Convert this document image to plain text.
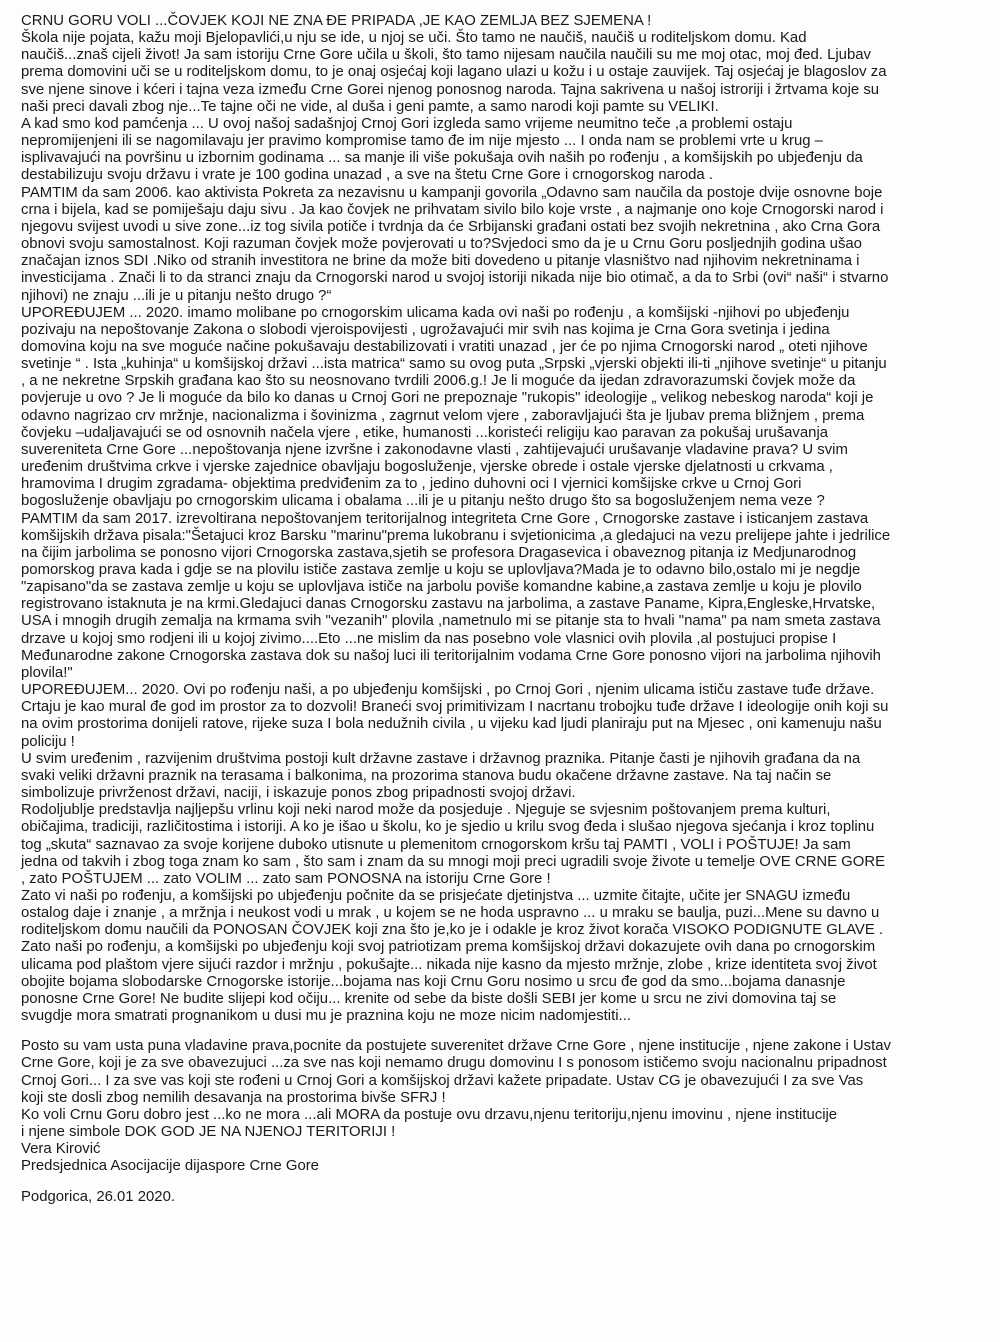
CRNU GORU VOLI ...ČOVJEK KOJI NE ZNA ĐE PRIPADA ,JE KAO ZEMLJA BEZ SJEMENA !

Škola nije pojata, kažu moji Bjelopavlići,u nju se ide, u njoj se uči. Što tamo ne naučiš, naučiš u roditeljskom domu. Kad
naučiš...znaš cijeli život! Ja sam istoriju Crne Gore učila u školi, što tamo nijesam naučila naučili su me moj otac, moj đed. Ljubav
prema domovini uči se u roditeljskom domu, to je onaj osjećaj koji lagano ulazi u kožu i u ostaje zauvijek. Taj osjećaj je blagoslov za
sve njene sinove i kćeri i tajna veza između Crne Gorei njenog ponosnog naroda. Tajna sakrivena u našoj istroriji i žrtvama koje su
naši preci davali zbog nje...Te tajne oči ne vide, al duša i geni pamte, a samo narodi koji pamte su VELIKI.

A kad smo kod pamćenja ... U ovoj našoj sadašnjoj Crnoj Gori izgleda samo vrijeme neumitno teče ,a problemi ostaju
nepromijenjeni ili se nagomilavaju jer pravimo kompromise tamo đe im nije mjesto ... I onda nam se problemi vrte u krug –
isplivavajući na površinu u izbornim godinama ... sa manje ili više pokušaja ovih naših po rođenju , a komšijskih po ubjeđenju da
destabilizuju svoju državu i vrate je 100 godina unazad , a sve na štetu Crne Gore i crnogorskog naroda .

PAMTIM da sam 2006. kao aktivista Pokreta za nezavisnu u kampanji govorila „Odavno sam naučila da postoje dvije osnovne boje
crna i bijela, kad se pomiješaju daju sivu . Ja kao čovjek ne prihvatam sivilo bilo koje vrste , a najmanje ono koje Crnogorski narod i
njegovu svijest uvodi u sive zone...iz tog sivila potiče i tvrdnja da će Srbijanski građani ostati bez svojih nekretnina , ako Crna Gora
obnovi svoju samostalnost. Koji razuman čovjek može povjerovati u to?Svjedoci smo da je u Crnu Goru posljednjih godina ušao
značajan iznos SDI .Niko od stranih investitora ne brine da može biti dovedeno u pitanje vlasništvo nad njihovim nekretninama i
investicijama . Znači li to da stranci znaju da Crnogorski narod u svojoj istoriji nikada nije bio otimač, a da to Srbi (ovi“ naši“ i stvarno
njihovi) ne znaju ...ili je u pitanju nešto drugo ?“

UPOREĐUJEM ... 2020. imamo molibane po crnogorskim ulicama kada ovi naši po rođenju , a komšijski -njihovi po ubjeđenju
pozivaju na nepoštovanje Zakona o slobodi vjeroispovijesti , ugrožavajući mir svih nas kojima je Crna Gora svetinja i jedina
domovina koju na sve moguće načine pokušavaju destabilizovati i vratiti unazad , jer će po njima Crnogorski narod „ oteti njihove
svetinje “ . Ista „kuhinja“ u komšijskoj državi ...ista matrica“ samo su ovog puta „Srpski „vjerski objekti ili-ti „njihove svetinje“ u pitanju
, a ne nekretne Srpskih građana kao što su neosnovano tvrdili 2006.g.! Je li moguće da ijedan zdravorazumski čovjek može da
povjeruje u ovo ? Je li moguće da bilo ko danas u Crnoj Gori ne prepoznaje "rukopis" ideologije „ velikog nebeskog naroda“ koji je
odavno nagrizao crv mržnje, nacionalizma i šovinizma , zagrnut velom vjere , zaboravljajući šta je ljubav prema bližnjem , prema
čovjeku –udaljavajući se od osnovnih načela vjere , etike, humanosti ...koristeći religiju kao paravan za pokušaj urušavanja
suvereniteta Crne Gore ...nepoštovanja njene izvršne i zakonodavne vlasti , zahtijevajući urušavanje vladavine prava? U svim
uređenim društvima crkve i vjerske zajednice obavljaju bogosluženje, vjerske obrede i ostale vjerske djelatnosti u crkvama ,
hramovima I drugim zgradama- objektima predviđenim za to , jedino duhovni oci I vjernici komšijske crkve u Crnoj Gori
bogosluženje obavljaju po crnogorskim ulicama i obalama ...ili je u pitanju nešto drugo što sa bogosluženjem nema veze ?

PAMTIM da sam 2017. izrevoltirana nepoštovanjem teritorijalnog integriteta Crne Gore , Crnogorske zastave i isticanjem zastava
komšijskih država pisala:"Šetajuci kroz Barsku "marinu"prema lukobranu i svjetionicima ,a gledajuci na vezu prelijepe jahte i jedrilice
na čijim jarbolima se ponosno vijori Crnogorska zastava,sjetih se profesora Dragasevica i obaveznog pitanja iz Medjunarodnog
pomorskog prava kada i gdje se na plovilu ističe zastava zemlje u koju se uplovljava?Mada je to odavno bilo,ostalo mi je negdje
"zapisano"da se zastava zemlje u koju se uplovljava ističe na jarbolu poviše komandne kabine,a zastava zemlje u koju je plovilo
registrovano istaknuta je na krmi.Gledajuci danas Crnogorsku zastavu na jarbolima, a zastave Paname, Kipra,Engleske,Hrvatske,
USA i mnogih drugih zemalja na krmama svih "vezanih" plovila ,nametnulo mi se pitanje sta to hvali "nama" pa nam smeta zastava
drzave u kojoj smo rodjeni ili u kojoj zivimo....Eto ...ne mislim da nas posebno vole vlasnici ovih plovila ,al postujuci propise I
Međunarodne zakone Crnogorska zastava dok su našoj luci ili teritorijalnim vodama Crne Gore ponosno vijori na jarbolima njihovih
plovila!"

UPOREĐUJEM... 2020. Ovi po rođenju naši, a po ubjeđenju komšijski , po Crnoj Gori , njenim ulicama ističu zastave tuđe države.
Crtaju je kao mural đe god im prostor za to dozvoli! Braneći svoj primitivizam I nacrtanu trobojku tuđe države I ideologije onih koji su
na ovim prostorima donijeli ratove, rijeke suza I bola nedužnih civila , u vijeku kad ljudi planiraju put na Mjesec , oni kamenuju našu
policiju !

U svim uređenim , razvijenim društvima postoji kult državne zastave i državnog praznika. Pitanje časti je njihovih građana da na
svaki veliki državni praznik na terasama i balkonima, na prozorima stanova budu okačene državne zastave. Na taj način se
simbolizuje privrženost državi, naciji, i iskazuje ponos zbog pripadnosti svojoj državi.

Rodoljublje predstavlja najljepšu vrlinu koji neki narod može da posjeduje . Njeguje se svjesnim poštovanjem prema kulturi,
običajima, tradiciji, različitostima i istoriji. A ko je išao u školu, ko je sjedio u krilu svog đeda i slušao njegova sjećanja i kroz toplinu
tog „skuta“ saznavao za svoje korijene duboko utisnute u plemenitom crnogorskom kršu taj PAMTI , VOLI i POŠTUJE! Ja sam
jedna od takvih i zbog toga znam ko sam , što sam i znam da su mnogi moji preci ugradili svoje živote u temelje OVE CRNE GORE
, zato POŠTUJEM ... zato VOLIM ... zato sam PONOSNA na istoriju Crne Gore !

Zato vi naši po rođenju, a komšijski po ubjeđenju počnite da se prisjećate djetinjstva ... uzmite čitajte, učite jer SNAGU između
ostalog daje i znanje , a mržnja i neukost vodi u mrak , u kojem se ne hoda uspravno ... u mraku se baulja, puzi...Mene su davno u
roditeljskom domu naučili da PONOSAN ČOVJEK koji zna što je,ko je i odakle je kroz život korača VISOKO PODIGNUTE GLAVE .

Zato naši po rođenju, a komšijski po ubjeđenju koji svoj patriotizam prema komšijskoj državi dokazujete ovih dana po crnogorskim
ulicama pod plaštom vjere sijući razdor i mržnju , pokušajte... nikada nije kasno da mjesto mržnje, zlobe , krize identiteta svoj život
obojite bojama slobodarske Crnogorske istorije...bojama nas koji Crnu Goru nosimo u srcu đe god da smo...bojama danasnje
ponosne Crne Gore! Ne budite slijepi kod očiju... krenite od sebe da biste došli SEBI jer kome u srcu ne zivi domovina taj se
svugdje mora smatrati prognanikom u dusi mu je praznina koju ne moze nicim nadomjestiti...

Posto su vam usta puna vladavine prava,pocnite da postujete suverenitet države Crne Gore , njene institucije , njene zakone i Ustav
Crne Gore, koji je za sve obavezujuci ...za sve nas koji nemamo drugu domovinu I s ponosom ističemo svoju nacionalnu pripadnost
Crnoj Gori... I za sve vas koji ste rođeni u Crnoj Gori a komšijskoj državi kažete pripadate. Ustav CG je obavezujući I za sve Vas
koji ste dosli zbog nemilih desavanja na prostorima bivše SFRJ !

Ko voli Crnu Goru dobro jest ...ko ne mora ...ali MORA da postuje ovu drzavu,njenu teritoriju,njenu imovinu , njene institucije
i njene simbole DOK GOD JE NA NJENOJ TERITORIJI !

Vera Kirović

Predsjednica Asocijacije dijaspore Crne Gore

Podgorica, 26.01 2020.
